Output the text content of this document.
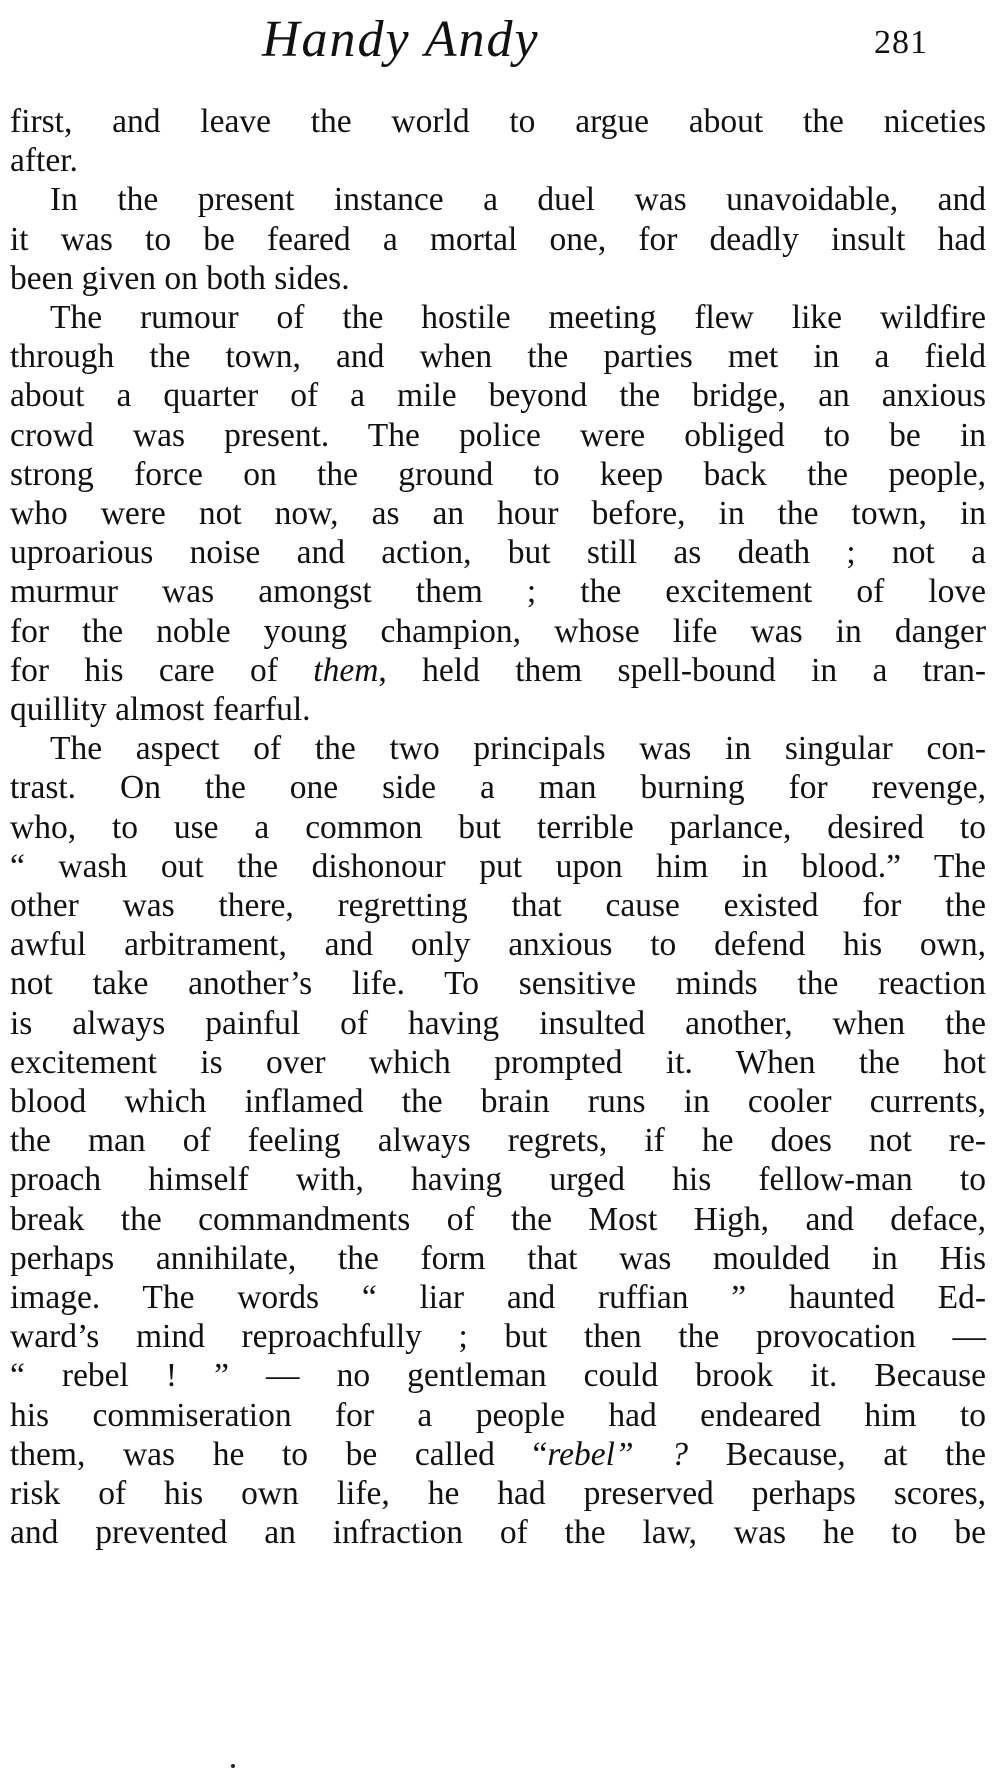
Handy Andy	281
first, and leave the world to argue about the niceties
after.
In the present instance a duel was unavoidable, and
it was to be feared a mortal one, for deadly insult had
been given on both sides.
The rumour of the hostile meeting flew like wildfire
through the town, and when the parties met in a field
about a quarter of a mile beyond the bridge, an anxious
crowd was present. The police were obliged to be in
strong force on the ground to keep back the people,
who were not now, as an hour before, in the town, in
uproarious noise and action, but still as death ; not a
murmur was amongst them ; the excitement of love
for the noble young champion, whose life was in danger
for his care of them, held them spell-bound in a tran-
quillity almost fearful.
The aspect of the two principals was in singular con-
trast. On the one side a man burning for revenge,
who, to use a common but terrible parlance, desired to
“ wash out the dishonour put upon him in blood.” The
other was there, regretting that cause existed for the
awful arbitrament, and only anxious to defend his own,
not take another’s life. To sensitive minds the reaction
is always painful of having insulted another, when the
excitement is over which prompted it. When the hot
blood which inflamed the brain runs in cooler currents,
the man of feeling always regrets, if he does not re-
proach himself with, having urged his fellow-man to
break the commandments of the Most High, and deface,
perhaps annihilate, the form that was moulded in His
image. The words “ liar and ruffian ” haunted Ed-
ward’s mind reproachfully ; but then the provocation —
“ rebel ! ” — no gentleman could brook it. Because
his commiseration for a people had endeared him to
them, was he to be called “rebel” ? Because, at the
risk of his own life, he had preserved perhaps scores,
and prevented an infraction of the law, was he to be
